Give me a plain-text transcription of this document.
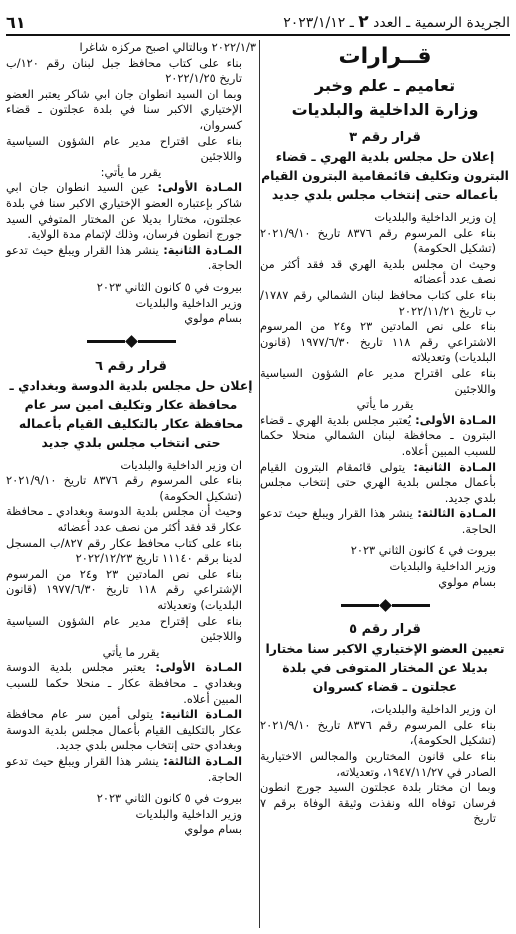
الجريدة الرسمية ـ العدد ٢ ـ ٢٠٢٣/١/١٢
٦١
قــرارات
تعاميم ـ علم وخبر
وزارة الداخلية والبلديات
قرار رقم ٣
إعلان حل مجلس بلدية الهري ـ قضاء البترون وتكليف قائمقامية البترون القيام بأعماله حتى إنتخاب مجلس بلدي جديد
إن وزير الداخلية والبلديات
بناء على المرسوم رقم ٨٣٧٦ تاريخ ٢٠٢١/٩/١٠ (تشكيل الحكومة)
وحيث ان مجلس بلدية الهري قد فقد أكثر من نصف عدد أعضائه
بناء على كتاب محافظ لبنان الشمالي رقم ١٧٨٧/ب تاريخ ٢٠٢٢/١١/٢١
بناء على نص المادتين ٢٣ و٢٤ من المرسوم الاشتراعي رقم ١١٨ تاريخ ١٩٧٧/٦/٣٠ (قانون البلديات) وتعديلاته
بناء على اقتراح مدير عام الشؤون السياسية واللاجئين
يقرر ما يأتي
المـادة الأولى: يُعتبر مجلس بلدية الهري ـ قضاء البترون ـ محافظة لبنان الشمالي منحلا حكما للسبب المبين أعلاه.
المـادة الثانية: يتولى قائمقام البترون القيام بأعمال مجلس بلدية الهري حتى إنتخاب مجلس بلدي جديد.
المـادة الثالثة: ينشر هذا القرار ويبلغ حيث تدعو الحاجة.
بيروت في ٤ كانون الثاني ٢٠٢٣
وزير الداخلية والبلديات
بسام مولوي
قرار رقم ٥
تعيين العضو الإختياري الاكبر سنا مختارا بديلا عن المختار المتوفى في بلدة عجلتون ـ قضاء كسروان
ان وزير الداخلية والبلديات،
بناء على المرسوم رقم ٨٣٧٦ تاريخ ٢٠٢١/٩/١٠ (تشكيل الحكومة)،
بناء على قانون المختارين والمجالس الاختيارية الصادر في ١٩٤٧/١١/٢٧، وتعديلاته،
وبما ان مختار بلدة عجلتون السيد جورج انطون فرسان توفاه الله ونفذت وثيقة الوفاة برقم ٧ تاريخ
٢٠٢٢/١/٣ وبالتالي اصبح مركزه شاغرا
بناء على كتاب محافظ جبل لبنان رقم ١٢٠/ب تاريخ ٢٠٢٢/١/٢٥
وبما ان السيد انطوان جان ابي شاكر يعتبر العضو الإختياري الاكبر سنا في بلدة عجلتون ـ قضاء كسروان،
بناء على اقتراح مدير عام الشؤون السياسية واللاجئين
يقرر ما يأتي:
المـادة الأولى: عين السيد انطوان جان ابي شاكر بإعتباره العضو الإختياري الاكبر سنا في بلدة عجلتون، مختارا بديلا عن المختار المتوفي السيد جورج انطون فرسان، وذلك لإتمام مدة الولاية.
المـادة الثانية: ينشر هذا القرار ويبلغ حيث تدعو الحاجة.
بيروت في ٥ كانون الثاني ٢٠٢٣
وزير الداخلية والبلديات
بسام مولوي
قرار رقم ٦
إعلان حل مجلس بلدية الدوسة وبغدادي ـ محافظة عكار وتكليف امين سر عام محافظة عكار بالتكليف القيام بأعماله حتى انتخاب مجلس بلدي جديد
ان وزير الداخلية والبلديات
بناء على المرسوم رقم ٨٣٧٦ تاريخ ٢٠٢١/٩/١٠ (تشكيل الحكومة)
وحيث أن مجلس بلدية الدوسة وبغدادي ـ محافظة عكار قد فقد أكثر من نصف عدد أعضائه
بناء على كتاب محافظ عكار رقم ٨٢٧/ب المسجل لدينا برقم ١١١٤٠ تاريخ ٢٠٢٢/١٢/٢٣
بناء على نص المادتين ٢٣ و٢٤ من المرسوم الإشتراعي رقم ١١٨ تاريخ ١٩٧٧/٦/٣٠ (قانون البلديات) وتعديلاته
بناء على إقتراح مدير عام الشؤون السياسية واللاجئين
يقرر ما يأتي
المـادة الأولى: يعتبر مجلس بلدية الدوسة وبغدادي ـ محافظة عكار ـ منحلا حكما للسبب المبين أعلاه.
المـادة الثانية: يتولى أمين سر عام محافظة عكار بالتكليف القيام بأعمال مجلس بلدية الدوسة وبغدادي حتى إنتخاب مجلس بلدي جديد.
المـادة الثالثة: ينشر هذا القرار ويبلغ حيث تدعو الحاجة.
بيروت في ٥ كانون الثاني ٢٠٢٣
وزير الداخلية والبلديات
بسام مولوي
